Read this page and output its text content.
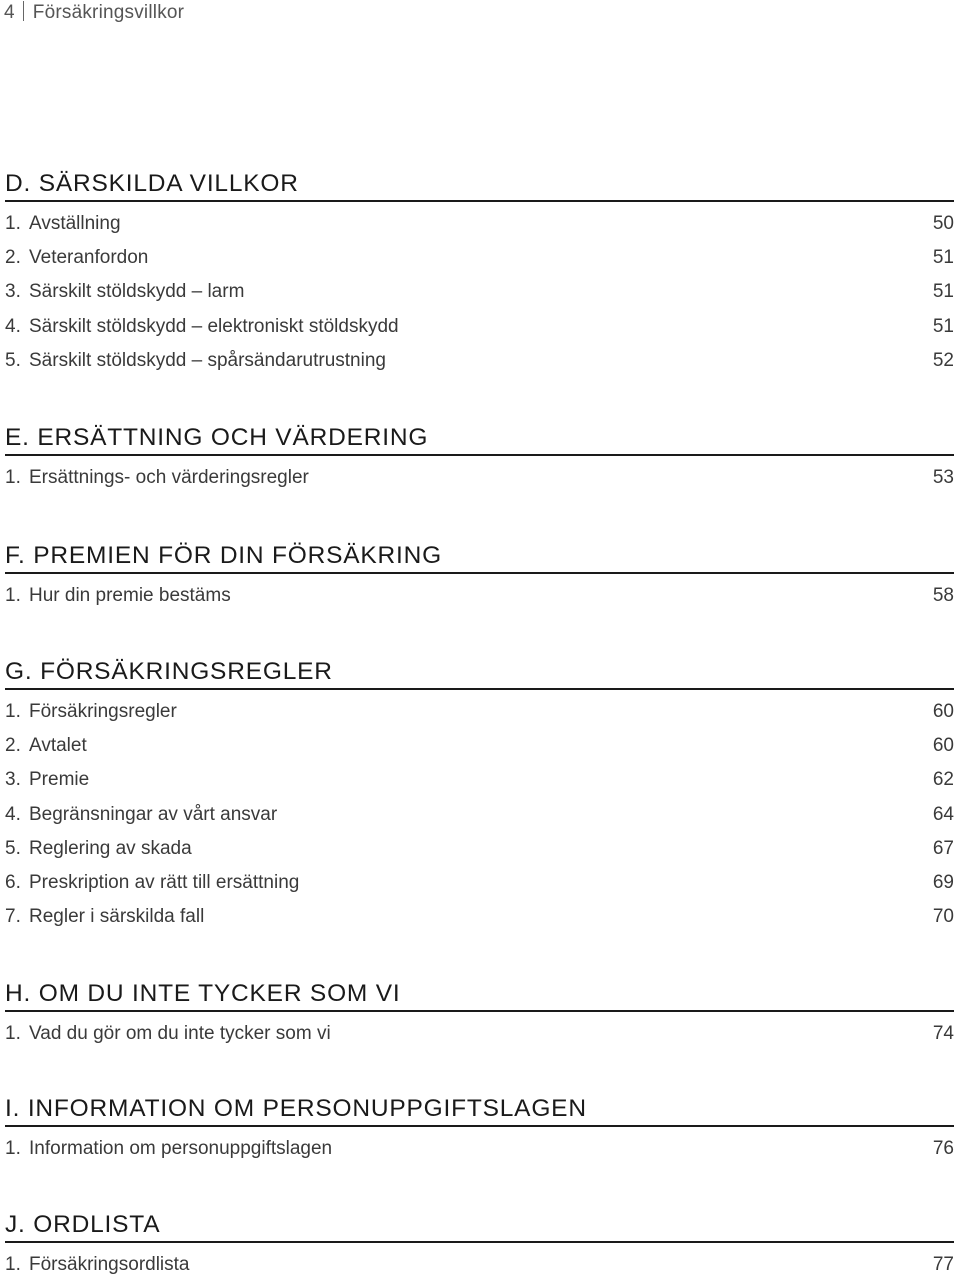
4 Försäkringsvillkor
D. SÄRSKILDA VILLKOR
1. Avställning	50
2. Veteranfordon	51
3. Särskilt stöldskydd – larm	51
4. Särskilt stöldskydd – elektroniskt stöldskydd	51
5. Särskilt stöldskydd – spårsändarutrustning	52
E. ERSÄTTNING OCH VÄRDERING
1. Ersättnings- och värderingsregler	53
F. PREMIEN FÖR DIN FÖRSÄKRING
1. Hur din premie bestäms	58
G. FÖRSÄKRINGSREGLER
1. Försäkringsregler	60
2. Avtalet	60
3. Premie	62
4. Begränsningar av vårt ansvar	64
5. Reglering av skada	67
6. Preskription av rätt till ersättning	69
7. Regler i särskilda fall	70
H. OM DU INTE TYCKER SOM VI
1. Vad du gör om du inte tycker som vi	74
I. INFORMATION OM PERSONUPPGIFTSLAGEN
1. Information om personuppgiftslagen	76
J. ORDLISTA
1. Försäkringsordlista	77
